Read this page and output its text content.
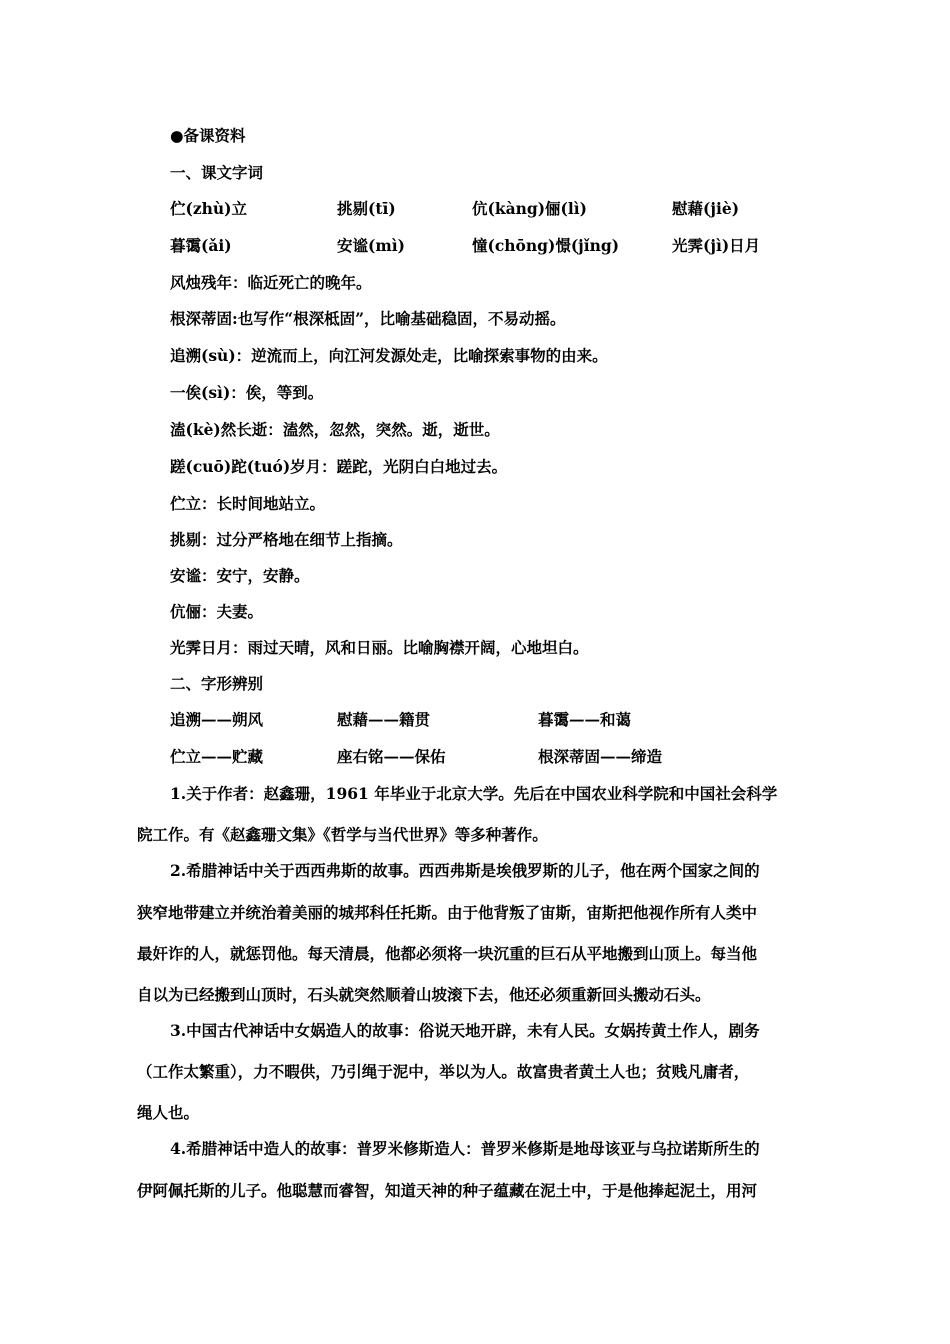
●备课资料
一、课文字词
伫(zhù)立	挑剔(tī)	伉(kàng)俪(lì)	慰藉(jiè)
暮霭(ǎi)	安谧(mì)	憧(chōng)憬(jǐng)	光霁(jì)日月
风烛残年：临近死亡的晚年。
根深蒂固:也写作“根深柢固”，比喻基础稳固，不易动摇。
追溯(sù)：逆流而上，向江河发源处走，比喻探索事物的由来。
一俟(sì)：俟，等到。
溘(kè)然长逝：溘然，忽然，突然。逝，逝世。
蹉(cuō)跎(tuó)岁月：蹉跎，光阴白白地过去。
伫立：长时间地站立。
挑剔：过分严格地在细节上指摘。
安谧：安宁，安静。
伉俪：夫妻。
光霁日月：雨过天晴，风和日丽。比喻胸襟开阔，心地坦白。
二、字形辨别
追溯——朔风	慰藉——籍贯	暮霭——和蔼
伫立——贮藏	座右铭——保佑	根深蒂固——缔造
1.关于作者：赵鑫珊，1961 年毕业于北京大学。先后在中国农业科学院和中国社会科学
院工作。有《赵鑫珊文集》《哲学与当代世界》等多种著作。
2.希腊神话中关于西西弗斯的故事。西西弗斯是埃俄罗斯的儿子，他在两个国家之间的
狭窄地带建立并统治着美丽的城邦科任托斯。由于他背叛了宙斯，宙斯把他视作所有人类中
最奸诈的人，就惩罚他。每天清晨，他都必须将一块沉重的巨石从平地搬到山顶上。每当他
自以为已经搬到山顶时，石头就突然顺着山坡滚下去，他还必须重新回头搬动石头。
3.中国古代神话中女娲造人的故事：俗说天地开辟，未有人民。女娲抟黄土作人，剧务
（工作太繁重），力不暇供，乃引绳于泥中，举以为人。故富贵者黄土人也；贫贱凡庸者，
绳人也。
4.希腊神话中造人的故事：普罗米修斯造人：普罗米修斯是地母该亚与乌拉诺斯所生的
伊阿佩托斯的儿子。他聪慧而睿智，知道天神的种子蕴藏在泥土中，于是他捧起泥土，用河
